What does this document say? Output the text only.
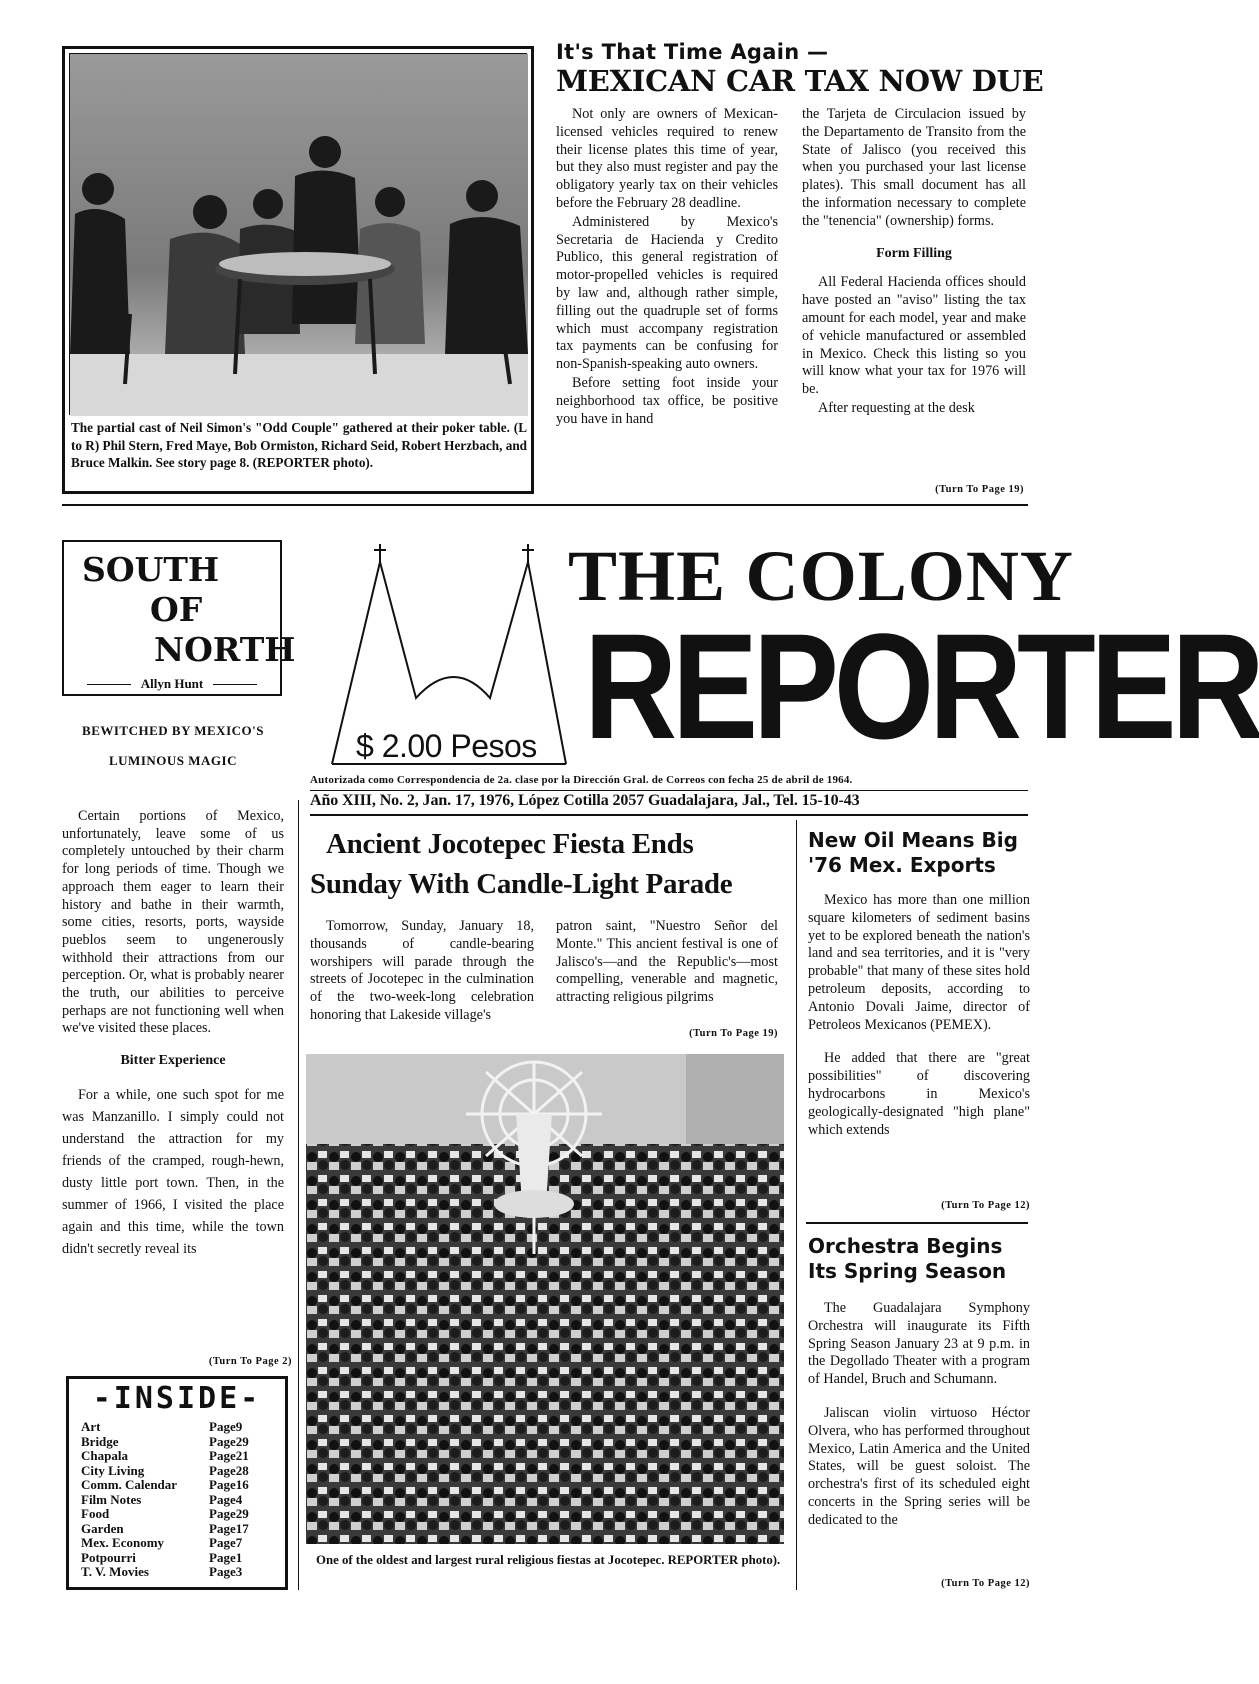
The partial cast of Neil Simon's "Odd Couple" gathered at their poker table. (L to R) Phil Stern, Fred Maye, Bob Ormiston, Richard Seid, Robert Herzbach, and Bruce Malkin. See story page 8. (REPORTER photo).
It's That Time Again —
MEXICAN CAR TAX NOW DUE

Not only are owners of Mexican-licensed vehicles required to renew their license plates this time of year, but they also must register and pay the obligatory yearly tax on their vehicles before the February 28 deadline.

Administered by Mexico's Secretaria de Hacienda y Credito Publico, this general registration of motor-propelled vehicles is required by law and, although rather simple, filling out the quadruple set of forms which must accompany registration tax payments can be confusing for non-Spanish-speaking auto owners.

Before setting foot inside your neighborhood tax office, be positive you have in hand

the Tarjeta de Circulacion issued by the Departamento de Transito from the State of Jalisco (you received this when you purchased your last license plates). This small document has all the information necessary to complete the "tenencia" (ownership) forms.

Form Filling

All Federal Hacienda offices should have posted an "aviso" listing the tax amount for each model, year and make of vehicle manufactured or assembled in Mexico. Check this listing so you will know what your tax for 1976 will be.

After requesting at the desk

(Turn To Page 19)
$ 2.00 Pesos
THE COLONY
REPORTER
Autorizada como Correspondencia de 2a. clase por la Dirección Gral. de Correos con fecha 25 de abril de 1964.
Año XIII, No. 2, Jan. 17, 1976, López Cotilla 2057 Guadalajara, Jal., Tel. 15-10-43
SOUTH
OF
NORTH
Allyn Hunt
BEWITCHED BY MEXICO'S LUMINOUS MAGIC

Certain portions of Mexico, unfortunately, leave some of us completely untouched by their charm for long periods of time. Though we approach them eager to learn their history and bathe in their warmth, some cities, resorts, ports, wayside pueblos seem to ungenerously withhold their attractions from our perception. Or, what is probably nearer the truth, our abilities to perceive perhaps are not functioning well when we've visited these places.

Bitter Experience

For a while, one such spot for me was Manzanillo. I simply could not understand the attraction for my friends of the cramped, rough-hewn, dusty little port town. Then, in the summer of 1966, I visited the place again and this time, while the town didn't secretly reveal its

(Turn To Page 2)
-INSIDE-
Art	Page 9
Bridge	Page 29
Chapala	Page 21
City Living	Page 28
Comm. Calendar Page 16
Film Notes	Page 4
Food	Page 29
Garden	Page 17
Mex. Economy	Page 7
Potpourri	Page 1
T. V. Movies	Page 3
Ancient Jocotepec Fiesta Ends
Sunday With Candle-Light Parade

Tomorrow, Sunday, January 18, thousands of candle-bearing worshipers will parade through the streets of Jocotepec in the culmination of the two-week-long celebration honoring that Lakeside village's

patron saint, "Nuestro Señor del Monte." This ancient festival is one of Jalisco's—and the Republic's—most compelling, venerable and magnetic, attracting religious pilgrims

(Turn To Page 19)
One of the oldest and largest rural religious fiestas at Jocotepec. REPORTER photo).
New Oil Means Big '76 Mex. Exports

Mexico has more than one million square kilometers of sediment basins yet to be explored beneath the nation's land and sea territories, and it is "very probable" that many of these sites hold petroleum deposits, according to Antonio Dovali Jaime, director of Petroleos Mexicanos (PEMEX).

He added that there are "great possibilities" of discovering hydrocarbons in Mexico's geologically-designated "high plane" which extends

(Turn To Page 12)
Orchestra Begins Its Spring Season

The Guadalajara Symphony Orchestra will inaugurate its Fifth Spring Season January 23 at 9 p.m. in the Degollado Theater with a program of Handel, Bruch and Schumann.

Jaliscan violin virtuoso Héctor Olvera, who has performed throughout Mexico, Latin America and the United States, will be guest soloist. The orchestra's first of its scheduled eight concerts in the Spring series will be dedicated to the

(Turn To Page 12)
